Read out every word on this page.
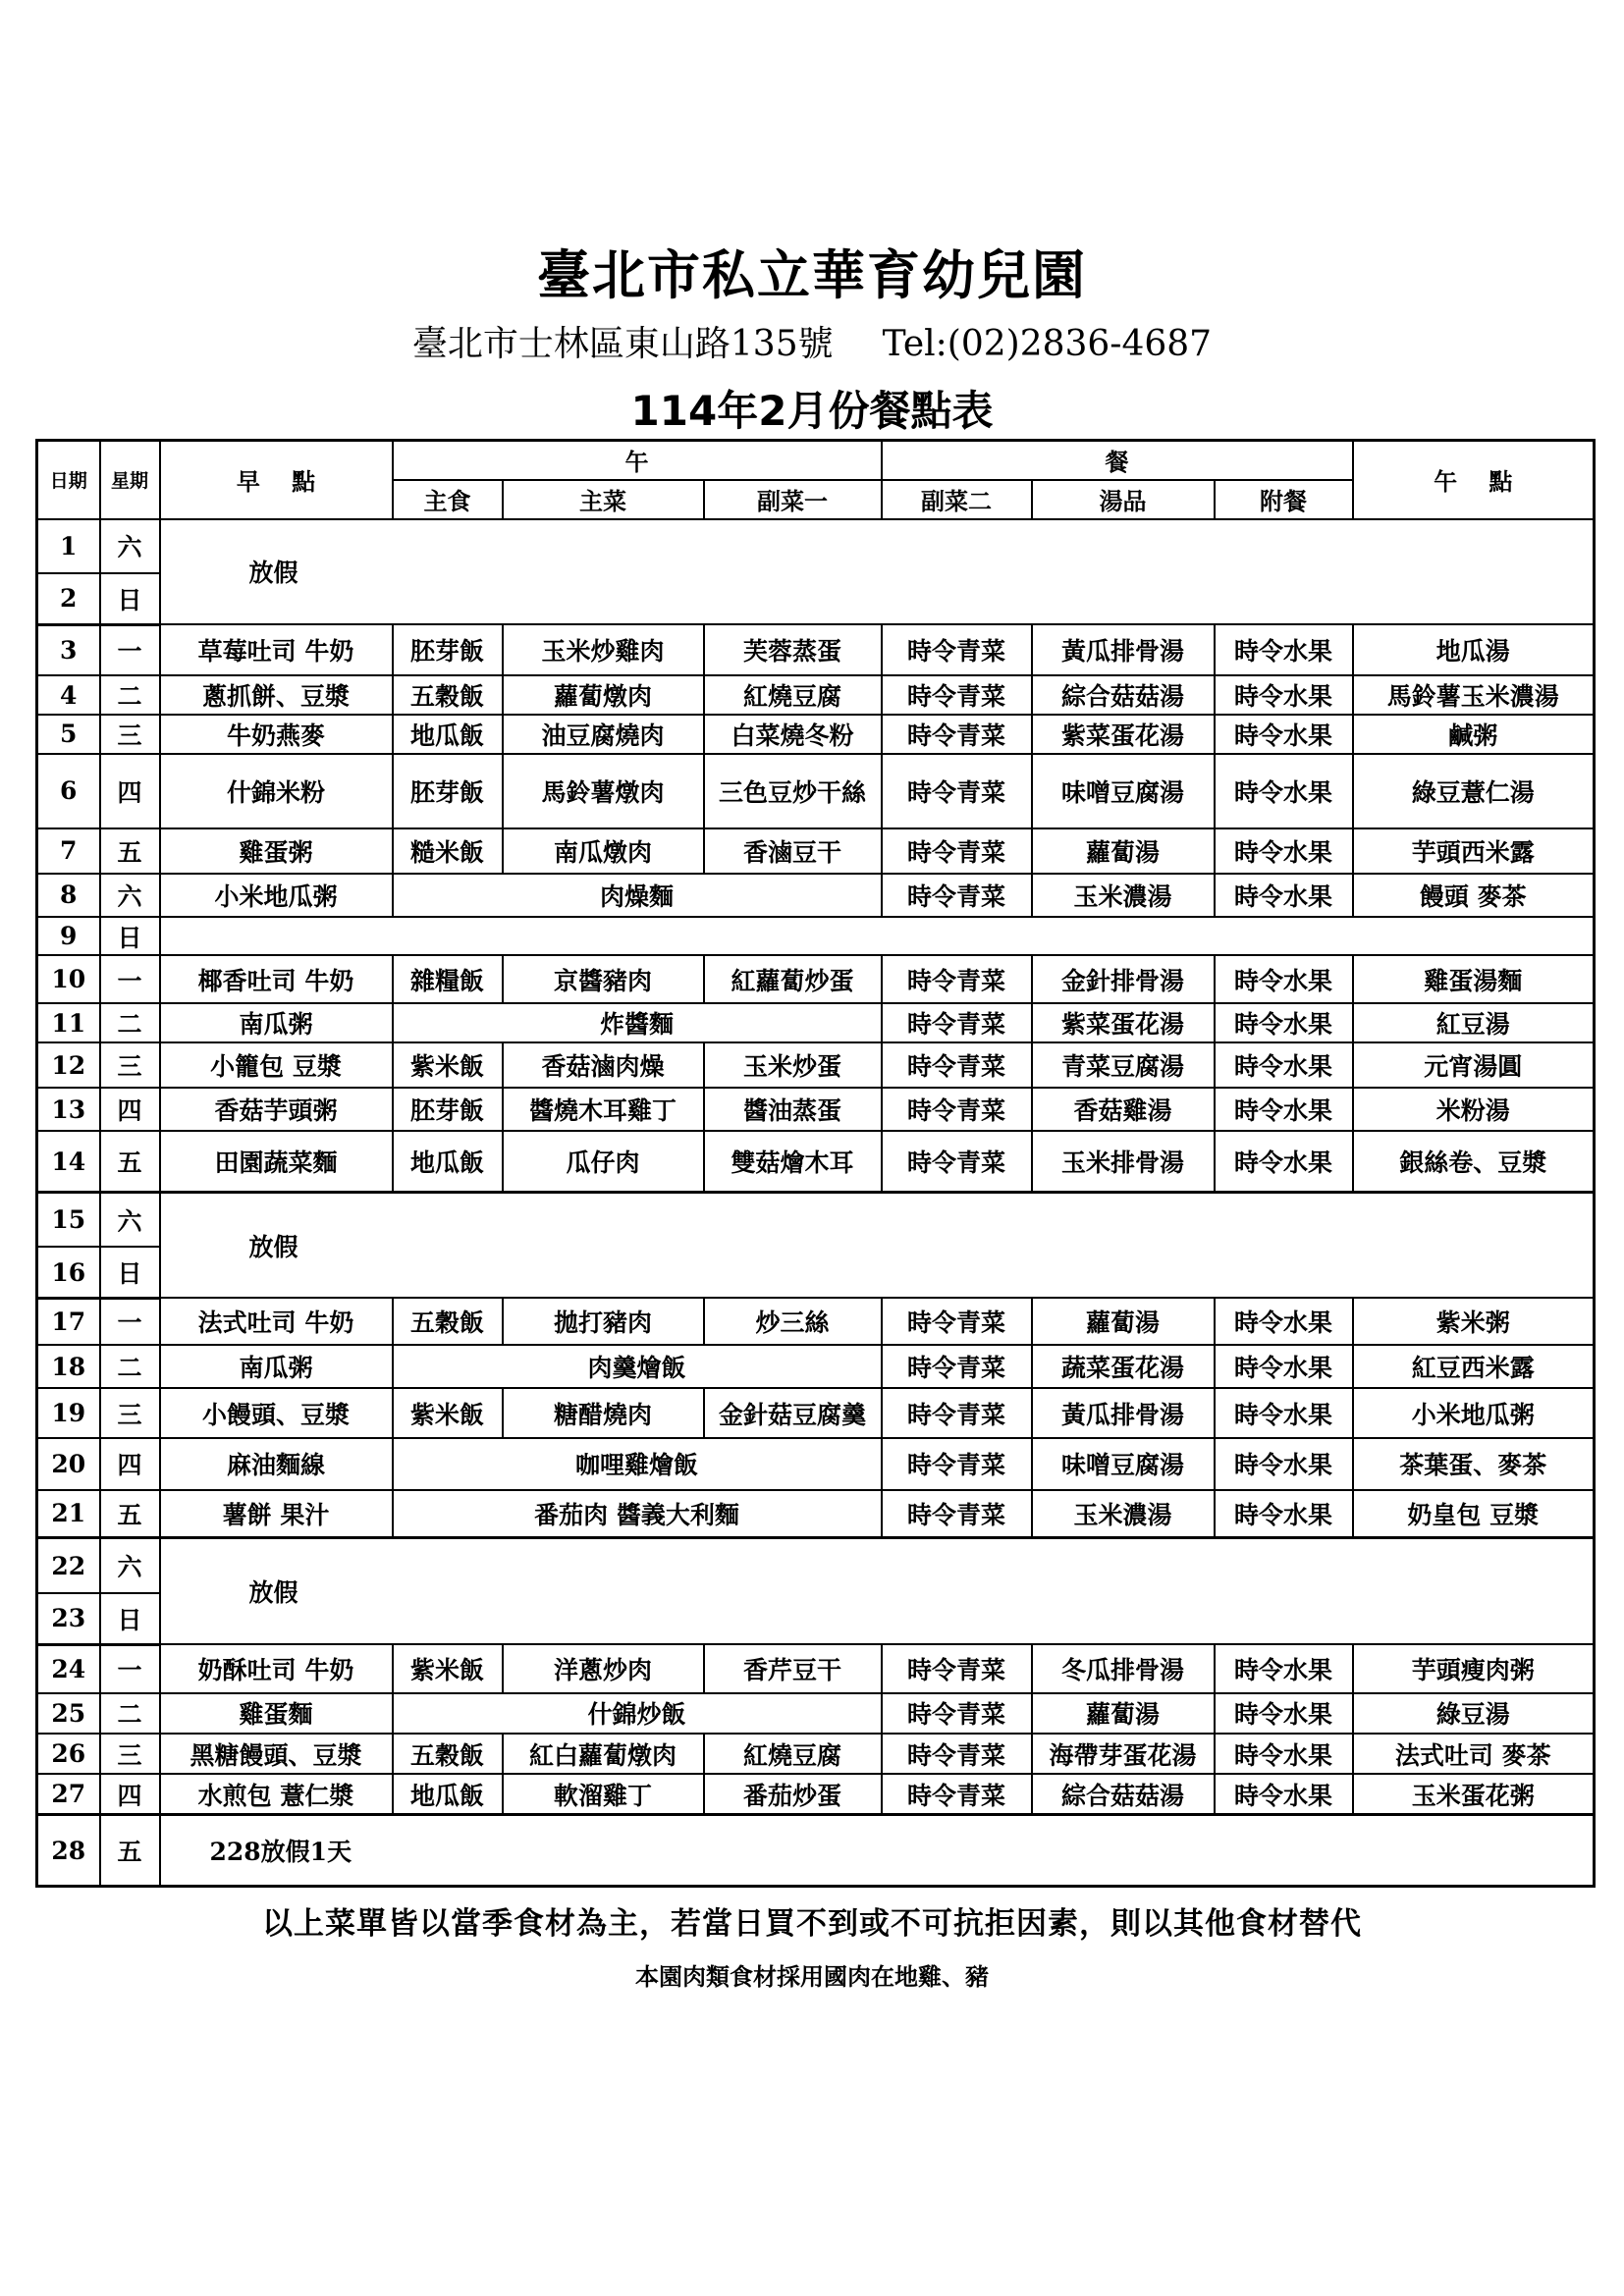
臺北市私立華育幼兒園
臺北市士林區東山路135號 Tel:(02)2836-4687
114年2月份餐點表
日期	星期	早　 點	午			餐			午　 點
			主食	主菜	副菜一	副菜二	湯品	附餐	
1	六	放假							
2	日								
3	一	草莓吐司 牛奶	胚芽飯	玉米炒雞肉	芙蓉蒸蛋	時令青菜	黃瓜排骨湯	時令水果	地瓜湯
4	二	蔥抓餅、豆漿	五穀飯	蘿蔔燉肉	紅燒豆腐	時令青菜	綜合菇菇湯	時令水果	馬鈴薯玉米濃湯
5	三	牛奶燕麥	地瓜飯	油豆腐燒肉	白菜燒冬粉	時令青菜	紫菜蛋花湯	時令水果	鹹粥
6	四	什錦米粉	胚芽飯	馬鈴薯燉肉	三色豆炒干絲	時令青菜	味噌豆腐湯	時令水果	綠豆薏仁湯
7	五	雞蛋粥	糙米飯	南瓜燉肉	香滷豆干	時令青菜	蘿蔔湯	時令水果	芋頭西米露
8	六	小米地瓜粥	肉燥麵			時令青菜	玉米濃湯	時令水果	饅頭 麥茶
9	日								
10	一	椰香吐司 牛奶	雜糧飯	京醬豬肉	紅蘿蔔炒蛋	時令青菜	金針排骨湯	時令水果	雞蛋湯麵
11	二	南瓜粥	炸醬麵			時令青菜	紫菜蛋花湯	時令水果	紅豆湯
12	三	小籠包 豆漿	紫米飯	香菇滷肉燥	玉米炒蛋	時令青菜	青菜豆腐湯	時令水果	元宵湯圓
13	四	香菇芋頭粥	胚芽飯	醬燒木耳雞丁	醬油蒸蛋	時令青菜	香菇雞湯	時令水果	米粉湯
14	五	田園蔬菜麵	地瓜飯	瓜仔肉	雙菇燴木耳	時令青菜	玉米排骨湯	時令水果	銀絲卷、豆漿
15	六	放假							
16	日								
17	一	法式吐司 牛奶	五穀飯	拋打豬肉	炒三絲	時令青菜	蘿蔔湯	時令水果	紫米粥
18	二	南瓜粥	肉羹燴飯			時令青菜	蔬菜蛋花湯	時令水果	紅豆西米露
19	三	小饅頭、豆漿	紫米飯	糖醋燒肉	金針菇豆腐羹	時令青菜	黃瓜排骨湯	時令水果	小米地瓜粥
20	四	麻油麵線	咖哩雞燴飯			時令青菜	味噌豆腐湯	時令水果	茶葉蛋、麥茶
21	五	薯餅 果汁	番茄肉 醬義大利麵			時令青菜	玉米濃湯	時令水果	奶皇包 豆漿
22	六	放假							
23	日								
24	一	奶酥吐司 牛奶	紫米飯	洋蔥炒肉	香芹豆干	時令青菜	冬瓜排骨湯	時令水果	芋頭瘦肉粥
25	二	雞蛋麵	什錦炒飯			時令青菜	蘿蔔湯	時令水果	綠豆湯
26	三	黑糖饅頭、豆漿	五穀飯	紅白蘿蔔燉肉	紅燒豆腐	時令青菜	海帶芽蛋花湯	時令水果	法式吐司 麥茶
27	四	水煎包 薏仁漿	地瓜飯	軟溜雞丁	番茄炒蛋	時令青菜	綜合菇菇湯	時令水果	玉米蛋花粥
28	五	228放假1天							
以上菜單皆以當季食材為主，若當日買不到或不可抗拒因素，則以其他食材替代
本園肉類食材採用國肉在地雞、豬
